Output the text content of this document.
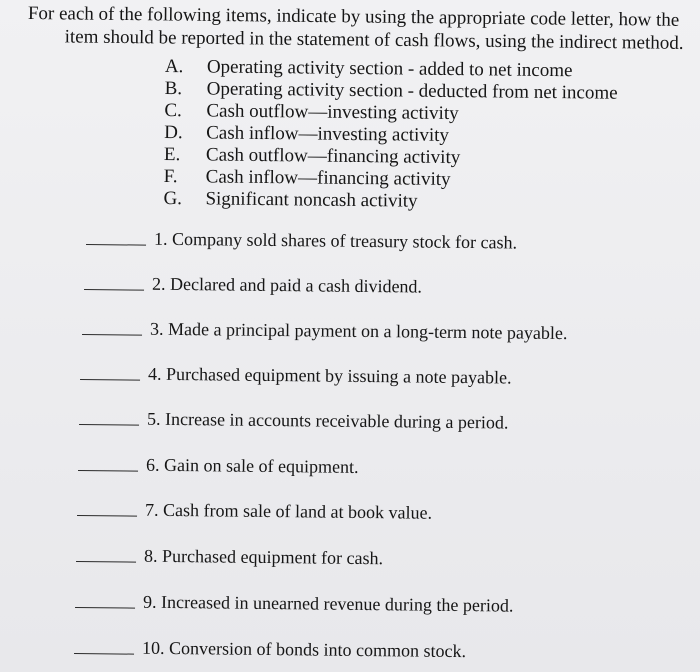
For each of the following items, indicate by using the appropriate code letter, how the
item should be reported in the statement of cash flows, using the indirect method.
A.	Operating activity section - added to net income
B.	Operating activity section - deducted from net income
C.	Cash outflow—investing activity
D.	Cash inflow—investing activity
E.	Cash outflow—financing activity
F.	Cash inflow—financing activity
G.	Significant noncash activity
1. Company sold shares of treasury stock for cash.
2. Declared and paid a cash dividend.
3. Made a principal payment on a long-term note payable.
4. Purchased equipment by issuing a note payable.
5. Increase in accounts receivable during a period.
6. Gain on sale of equipment.
7. Cash from sale of land at book value.
8. Purchased equipment for cash.
9. Increased in unearned revenue during the period.
10. Conversion of bonds into common stock.
